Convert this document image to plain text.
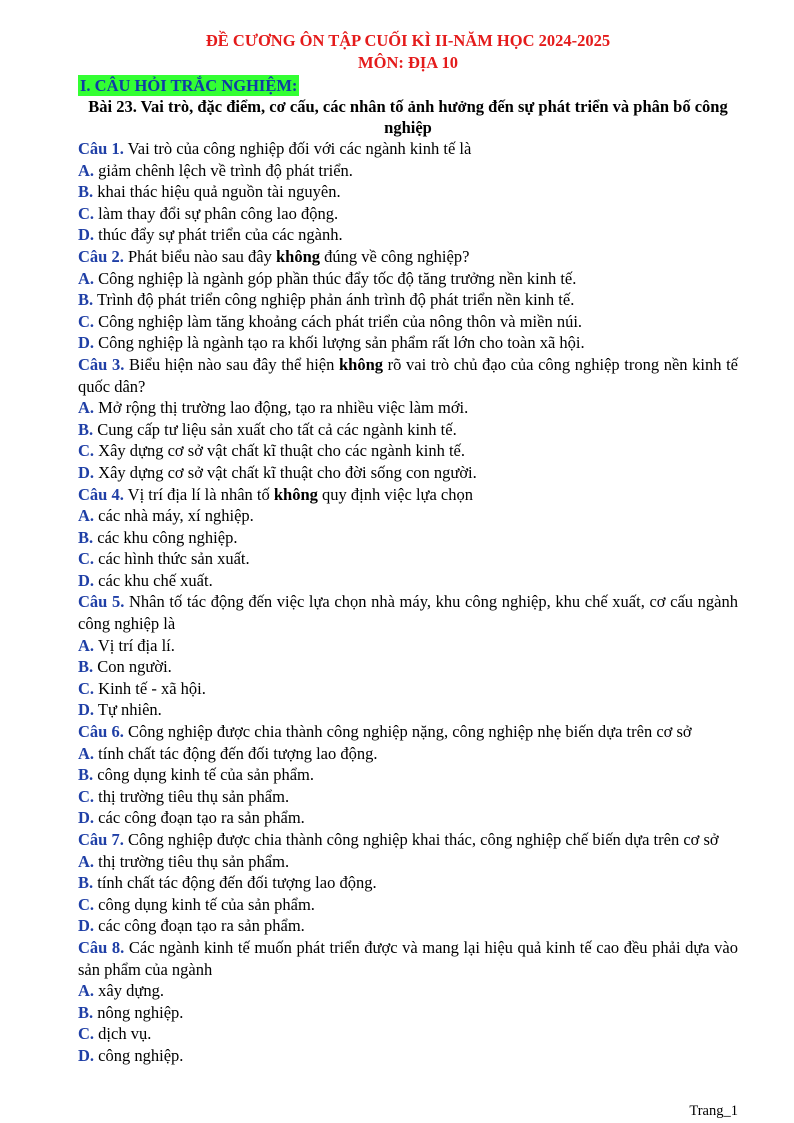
ĐỀ CƯƠNG ÔN TẬP CUỐI KÌ II-NĂM HỌC 2024-2025
MÔN: ĐỊA 10
I. CÂU HỎI TRẮC NGHIỆM:
Bài 23. Vai trò, đặc điểm, cơ cấu, các nhân tố ảnh hưởng đến sự phát triển và phân bố công nghiệp
Câu 1. Vai trò của công nghiệp đối với các ngành kinh tế là
A. giảm chênh lệch về trình độ phát triển.
B. khai thác hiệu quả nguồn tài nguyên.
C. làm thay đổi sự phân công lao động.
D. thúc đẩy sự phát triển của các ngành.
Câu 2. Phát biểu nào sau đây không đúng về công nghiệp?
A. Công nghiệp là ngành góp phần thúc đẩy tốc độ tăng trưởng nền kinh tế.
B. Trình độ phát triển công nghiệp phản ánh trình độ phát triển nền kinh tế.
C. Công nghiệp làm tăng khoảng cách phát triển của nông thôn và miền núi.
D. Công nghiệp là ngành tạo ra khối lượng sản phẩm rất lớn cho toàn xã hội.
Câu 3. Biểu hiện nào sau đây thể hiện không rõ vai trò chủ đạo của công nghiệp trong nền kinh tế quốc dân?
A. Mở rộng thị trường lao động, tạo ra nhiều việc làm mới.
B. Cung cấp tư liệu sản xuất cho tất cả các ngành kinh tế.
C. Xây dựng cơ sở vật chất kĩ thuật cho các ngành kinh tế.
D. Xây dựng cơ sở vật chất kĩ thuật cho đời sống con người.
Câu 4. Vị trí địa lí là nhân tố không quy định việc lựa chọn
A. các nhà máy, xí nghiệp.
B. các khu công nghiệp.
C. các hình thức sản xuất.
D. các khu chế xuất.
Câu 5. Nhân tố tác động đến việc lựa chọn nhà máy, khu công nghiệp, khu chế xuất, cơ cấu ngành công nghiệp là
A. Vị trí địa lí.
B. Con người.
C. Kinh tế - xã hội.
D. Tự nhiên.
Câu 6. Công nghiệp được chia thành công nghiệp nặng, công nghiệp nhẹ biến dựa trên cơ sở
A. tính chất tác động đến đối tượng lao động.
B. công dụng kinh tế của sản phẩm.
C. thị trường tiêu thụ sản phẩm.
D. các công đoạn tạo ra sản phẩm.
Câu 7. Công nghiệp được chia thành công nghiệp khai thác, công nghiệp chế biến dựa trên cơ sở
A. thị trường tiêu thụ sản phẩm.
B. tính chất tác động đến đối tượng lao động.
C. công dụng kinh tế của sản phẩm.
D. các công đoạn tạo ra sản phẩm.
Câu 8. Các ngành kinh tế muốn phát triển được và mang lại hiệu quả kinh tế cao đều phải dựa vào sản phẩm của ngành
A. xây dựng.
B. nông nghiệp.
C. dịch vụ.
D. công nghiệp.
Trang_1
